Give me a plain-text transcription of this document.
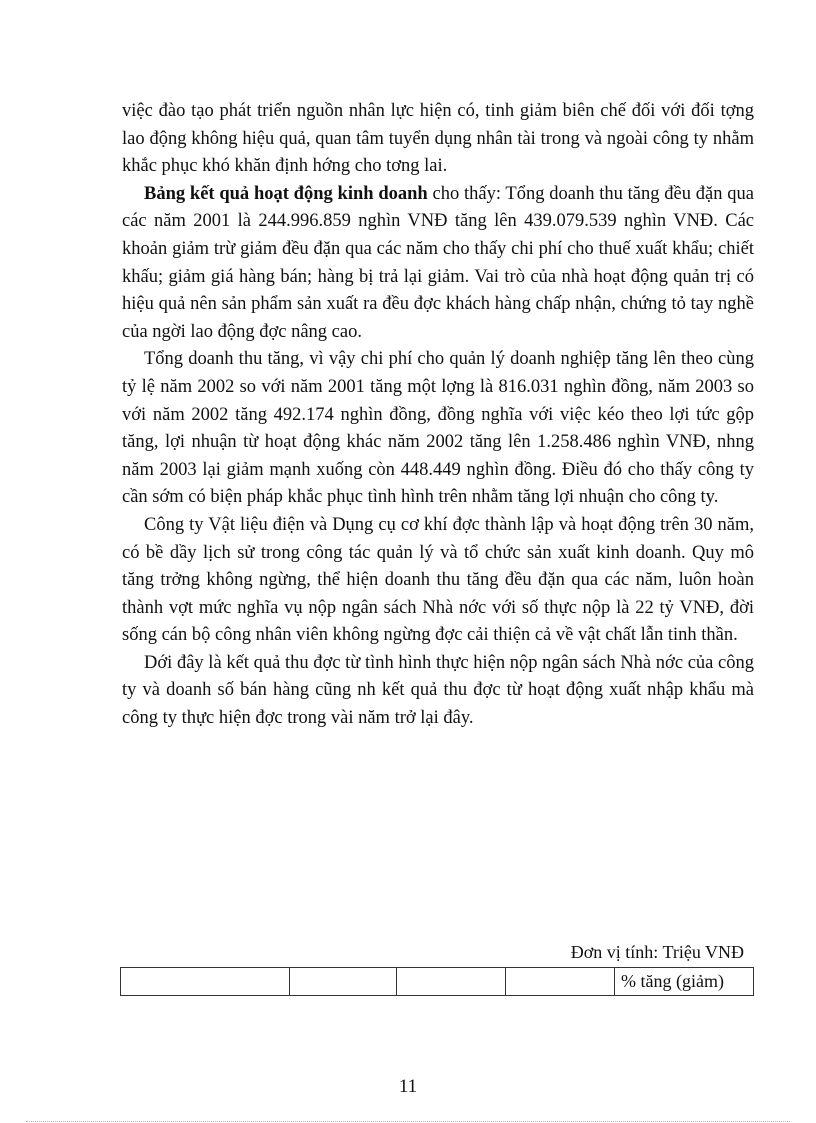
việc đào tạo phát triển nguồn nhân lực hiện có, tinh giảm biên chế đối với đối tợng lao động không hiệu quả, quan tâm tuyển dụng nhân tài trong và ngoài công ty nhằm khắc phục khó khăn định hớng cho tơng lai.

Bảng kết quả hoạt động kinh doanh cho thấy: Tổng doanh thu tăng đều đặn qua các năm 2001 là 244.996.859 nghìn VNĐ tăng lên 439.079.539 nghìn VNĐ. Các khoản giảm trừ giảm đều đặn qua các năm cho thấy chi phí cho thuế xuất khẩu; chiết khấu; giảm giá hàng bán; hàng bị trả lại giảm. Vai trò của nhà hoạt động quản trị có hiệu quả nên sản phẩm sản xuất ra đều đợc khách hàng chấp nhận, chứng tỏ tay nghề của ngời lao động đợc nâng cao.

Tổng doanh thu tăng, vì vậy chi phí cho quản lý doanh nghiệp tăng lên theo cùng tỷ lệ năm 2002 so với năm 2001 tăng một lợng là 816.031 nghìn đồng, năm 2003 so với năm 2002 tăng 492.174 nghìn đồng, đồng nghĩa với việc kéo theo lợi tức gộp tăng, lợi nhuận từ hoạt động khác năm 2002 tăng lên 1.258.486 nghìn VNĐ, nhng năm 2003 lại giảm mạnh xuống còn 448.449 nghìn đồng. Điều đó cho thấy công ty cần sớm có biện pháp khắc phục tình hình trên nhằm tăng lợi nhuận cho công ty.

Công ty Vật liệu điện và Dụng cụ cơ khí đợc thành lập và hoạt động trên 30 năm, có bề dầy lịch sử trong công tác quản lý và tổ chức sản xuất kinh doanh. Quy mô tăng trởng không ngừng, thể hiện doanh thu tăng đều đặn qua các năm, luôn hoàn thành vợt mức nghĩa vụ nộp ngân sách Nhà nớc với số thực nộp là 22 tỷ VNĐ, đời sống cán bộ công nhân viên không ngừng đợc cải thiện cả về vật chất lẫn tinh thần.

Dới đây là kết quả thu đợc từ tình hình thực hiện nộp ngân sách Nhà nớc của công ty và doanh số bán hàng cũng nh kết quả thu đợc từ hoạt động xuất nhập khẩu mà công ty thực hiện đợc trong vài năm trở lại đây.

Đơn vị tính: Triệu VNĐ
				% tăng (giảm)
11
